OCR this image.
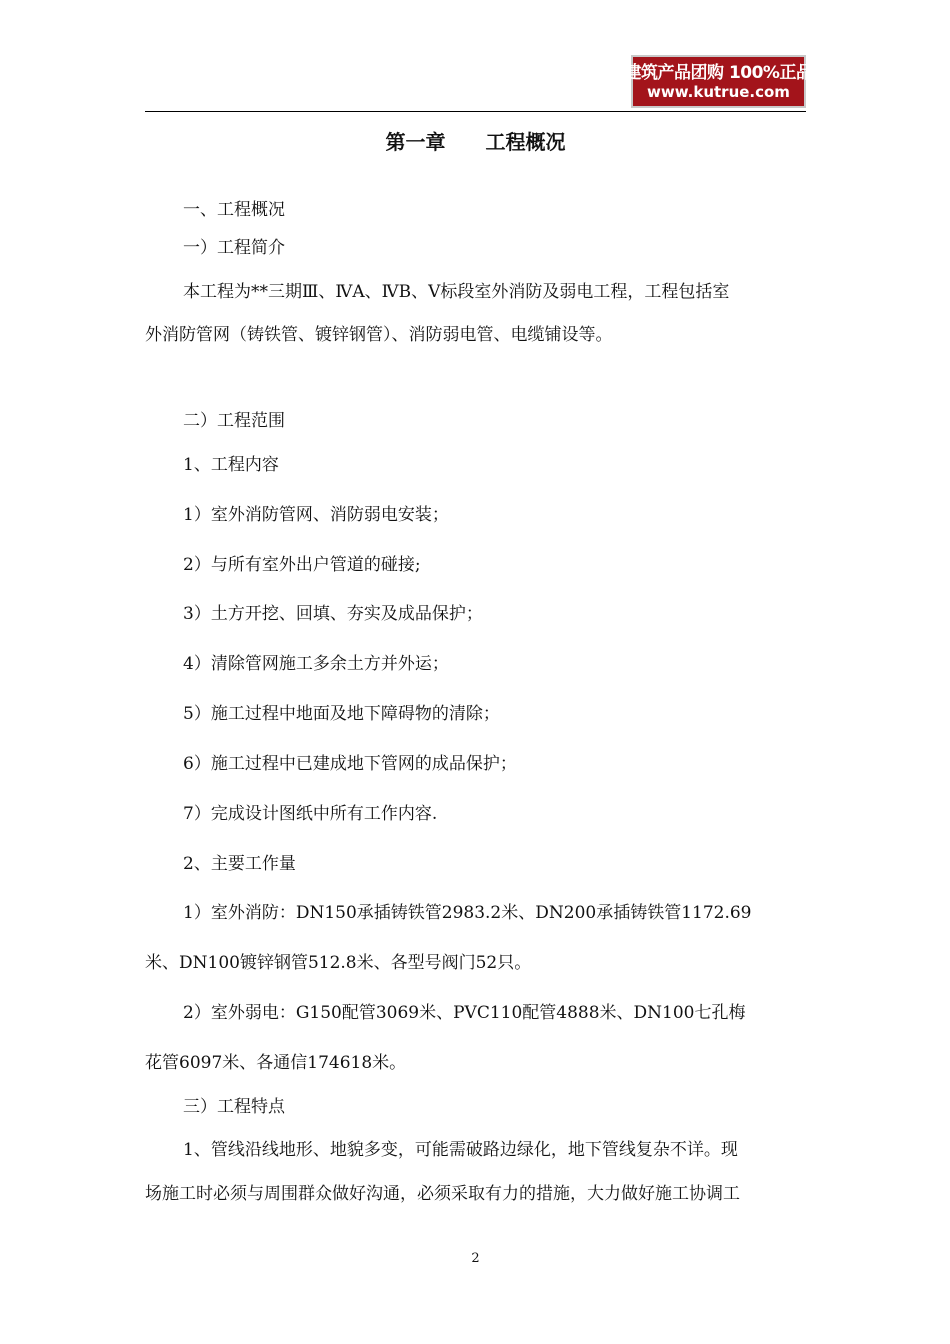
建筑产品团购 100%正品
www.kutrue.com
第一章　　工程概况
一、工程概况
一）工程简介
本工程为**三期Ⅲ、ⅣA、ⅣB、Ⅴ标段室外消防及弱电工程，工程包括室
外消防管网（铸铁管、镀锌钢管）、消防弱电管、电缆铺设等。
二）工程范围
1、工程内容
1）室外消防管网、消防弱电安装；
2）与所有室外出户管道的碰接;
3）土方开挖、回填、夯实及成品保护；
4）清除管网施工多余土方并外运；
5）施工过程中地面及地下障碍物的清除；
6）施工过程中已建成地下管网的成品保护；
7）完成设计图纸中所有工作内容.
2、主要工作量
1）室外消防：DN150承插铸铁管2983.2米、DN200承插铸铁管1172.69
米、DN100镀锌钢管512.8米、各型号阀门52只。
2）室外弱电：G150配管3069米、PVC110配管4888米、DN100七孔梅
花管6097米、各通信174618米。
三）工程特点
1、管线沿线地形、地貌多变，可能需破路边绿化，地下管线复杂不详。现
场施工时必须与周围群众做好沟通，必须采取有力的措施，大力做好施工协调工
2
